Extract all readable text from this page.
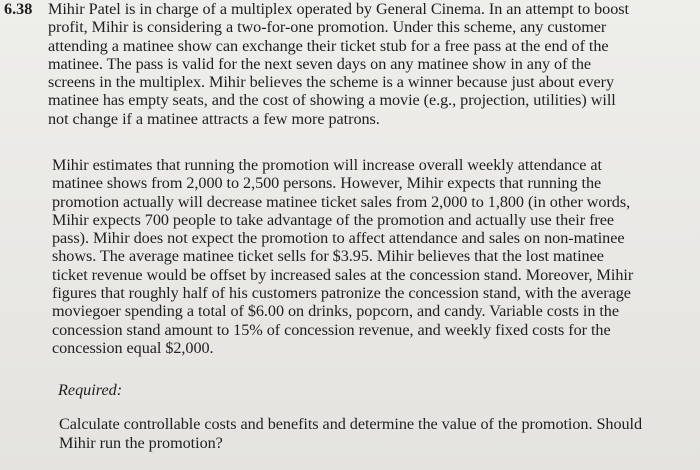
6.38 Mihir Patel is in charge of a multiplex operated by General Cinema. In an attempt to boost
profit, Mihir is considering a two-for-one promotion. Under this scheme, any customer
attending a matinee show can exchange their ticket stub for a free pass at the end of the
matinee. The pass is valid for the next seven days on any matinee show in any of the
screens in the multiplex. Mihir believes the scheme is a winner because just about every
matinee has empty seats, and the cost of showing a movie (e.g., projection, utilities) will
not change if a matinee attracts a few more patrons.
Mihir estimates that running the promotion will increase overall weekly attendance at
matinee shows from 2,000 to 2,500 persons. However, Mihir expects that running the
promotion actually will decrease matinee ticket sales from 2,000 to 1,800 (in other words,
Mihir expects 700 people to take advantage of the promotion and actually use their free
pass). Mihir does not expect the promotion to affect attendance and sales on non-matinee
shows. The average matinee ticket sells for $3.95. Mihir believes that the lost matinee
ticket revenue would be offset by increased sales at the concession stand. Moreover, Mihir
figures that roughly half of his customers patronize the concession stand, with the average
moviegoer spending a total of $6.00 on drinks, popcorn, and candy. Variable costs in the
concession stand amount to 15% of concession revenue, and weekly fixed costs for the
concession equal $2,000.
Required:
Calculate controllable costs and benefits and determine the value of the promotion. Should
Mihir run the promotion?
